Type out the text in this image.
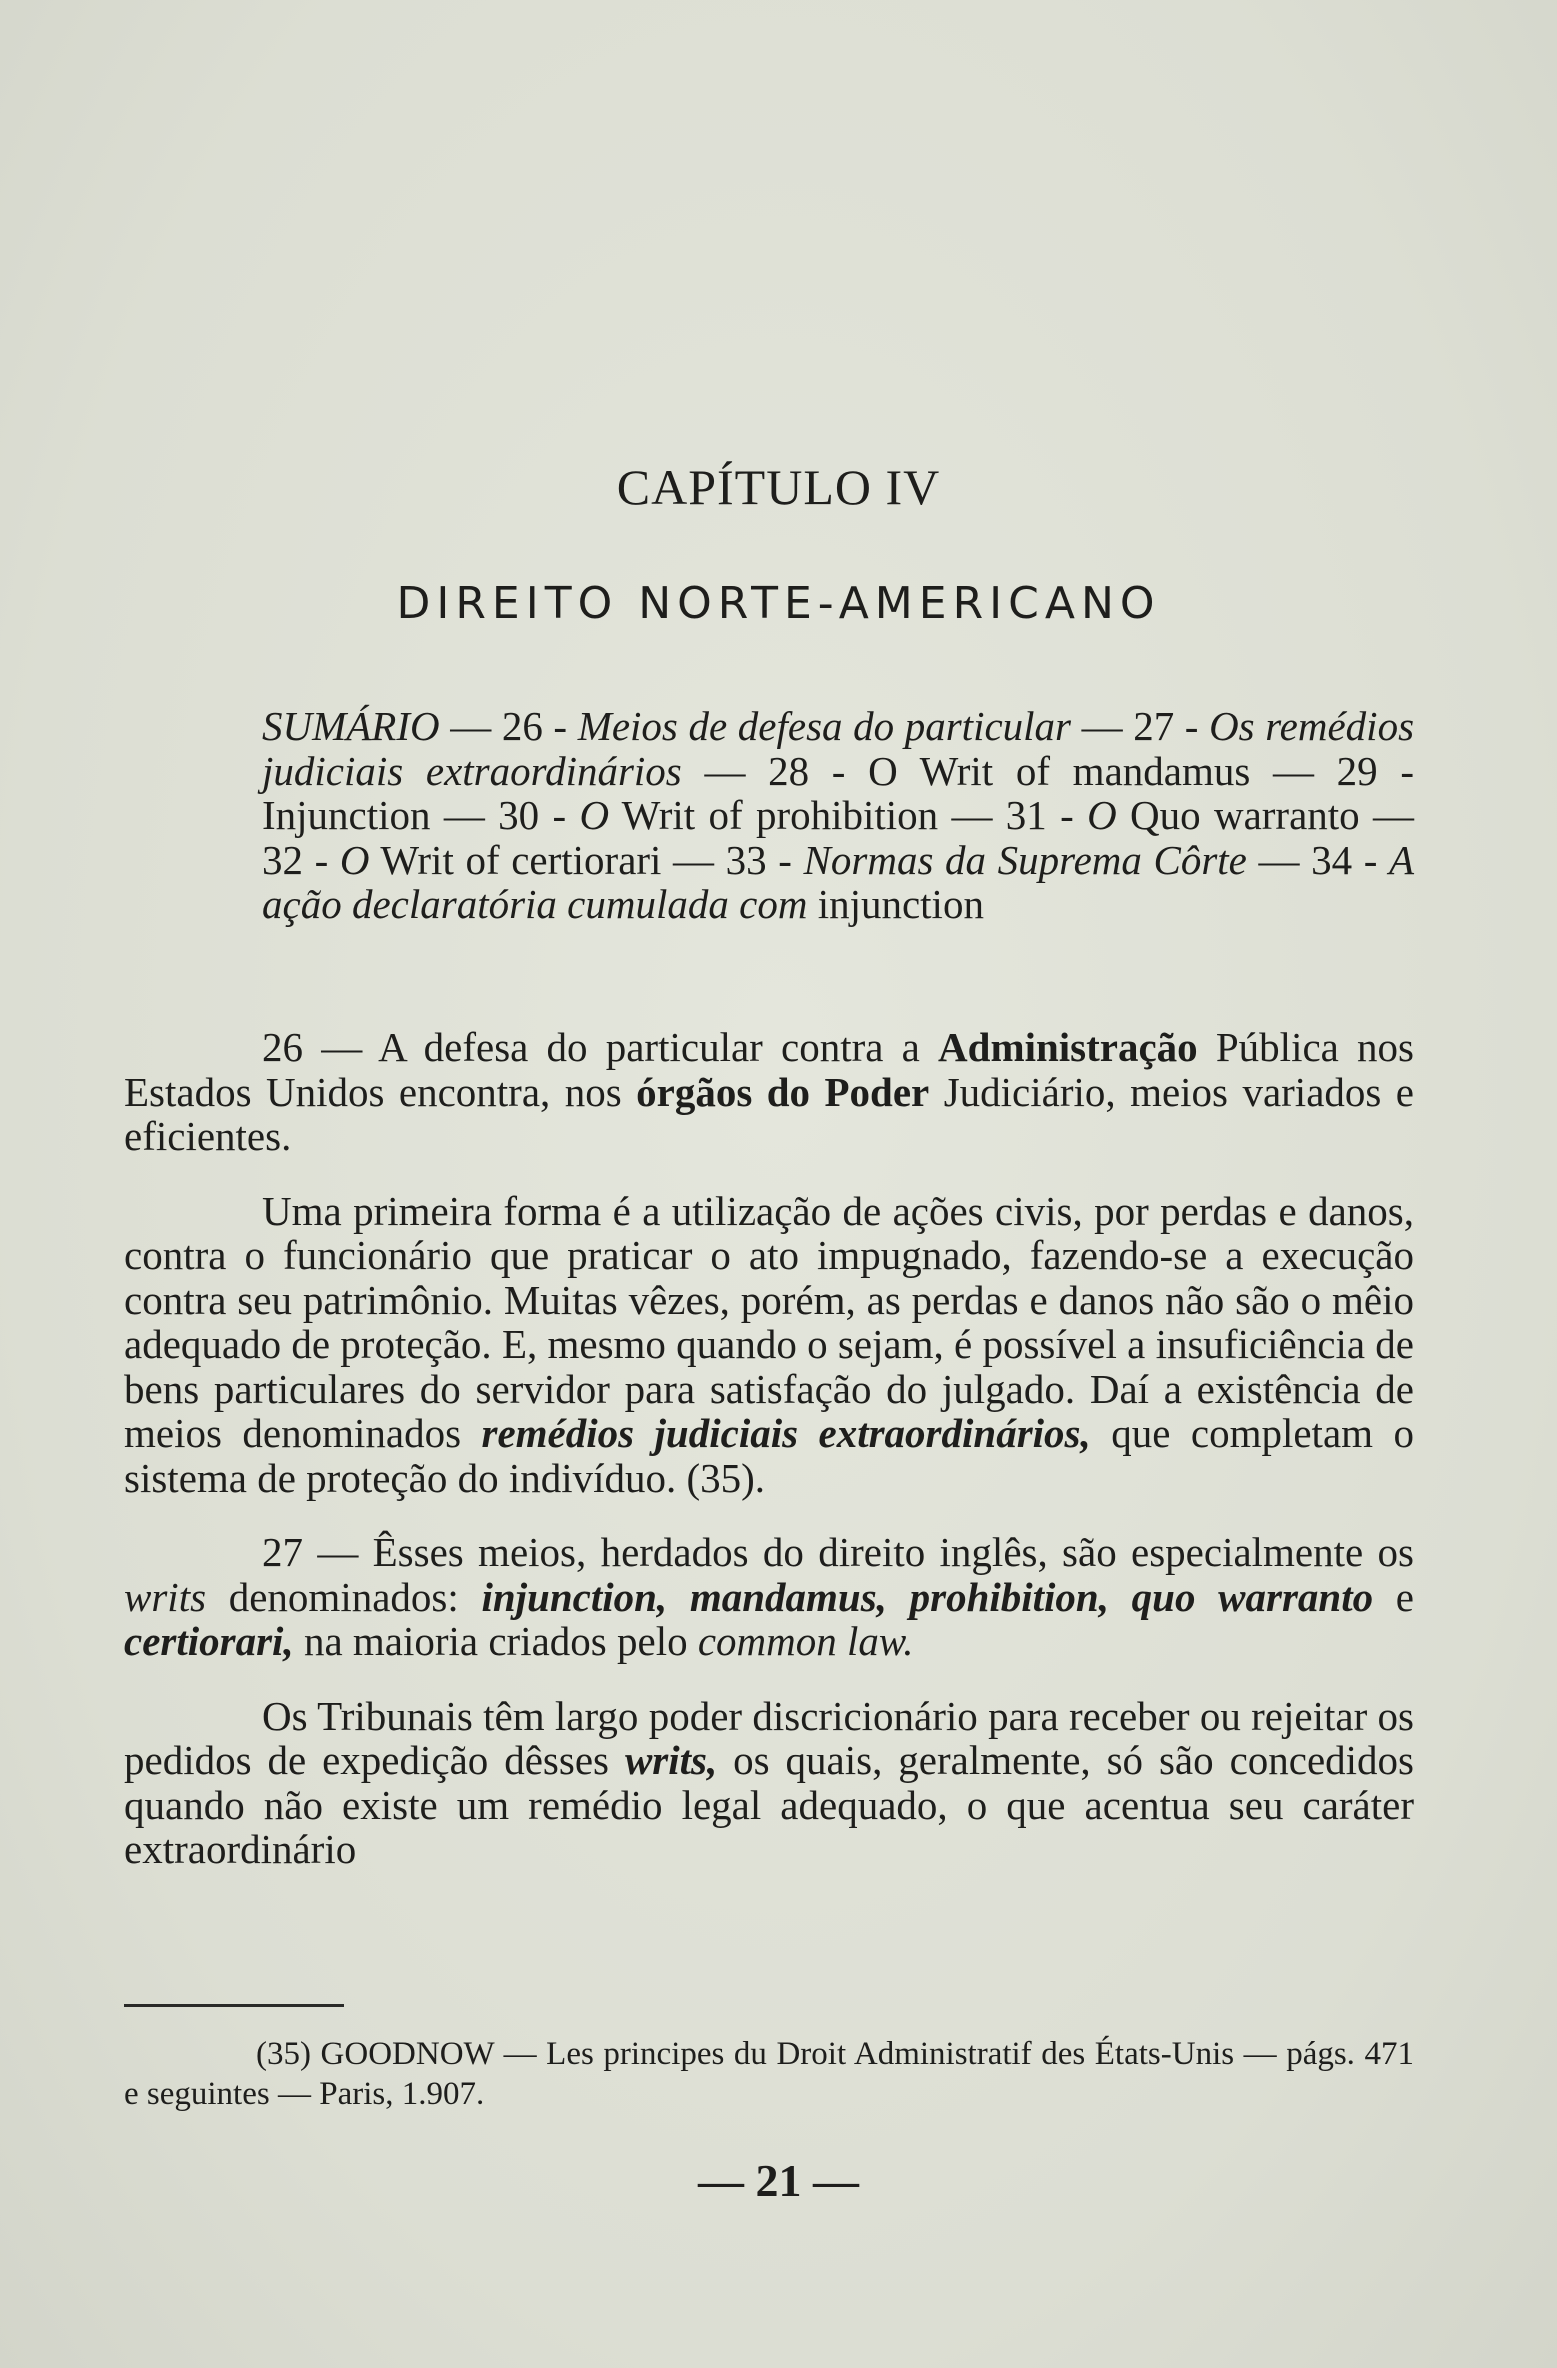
CAPÍTULO IV
DIREITO NORTE-AMERICANO
SUMÁRIO — 26 - Meios de defesa do particular — 27 - Os remédios judiciais extraordinários — 28 - O Writ of mandamus — 29 - Injunction — 30 - O Writ of prohibition — 31 - O Quo warranto — 32 - O Writ of certiorari — 33 - Normas da Suprema Côrte — 34 - A ação declaratória cumulada com injunction

26 — A defesa do particular contra a Administração Pública nos Estados Unidos encontra, nos órgãos do Poder Judiciário, meios variados e eficientes.

Uma primeira forma é a utilização de ações civis, por perdas e danos, contra o funcionário que praticar o ato impugnado, fazendo-se a execução contra seu patrimônio. Muitas vêzes, porém, as perdas e danos não são o mêio adequado de proteção. E, mesmo quando o sejam, é possível a insuficiência de bens particulares do servidor para satisfação do julgado. Daí a existência de meios denominados remédios judiciais extraordinários, que completam o sistema de proteção do indivíduo. (35).

27 — Êsses meios, herdados do direito inglês, são especialmente os writs denominados: injunction, mandamus, prohibition, quo warranto e certiorari, na maioria criados pelo common law.

Os Tribunais têm largo poder discricionário para receber ou rejeitar os pedidos de expedição dêsses writs, os quais, geralmente, só são concedidos quando não existe um remédio legal adequado, o que acentua seu caráter extraordinário

(35) GOODNOW — Les principes du Droit Administratif des États-Unis — págs. 471 e seguintes — Paris, 1.907.
— 21 —
